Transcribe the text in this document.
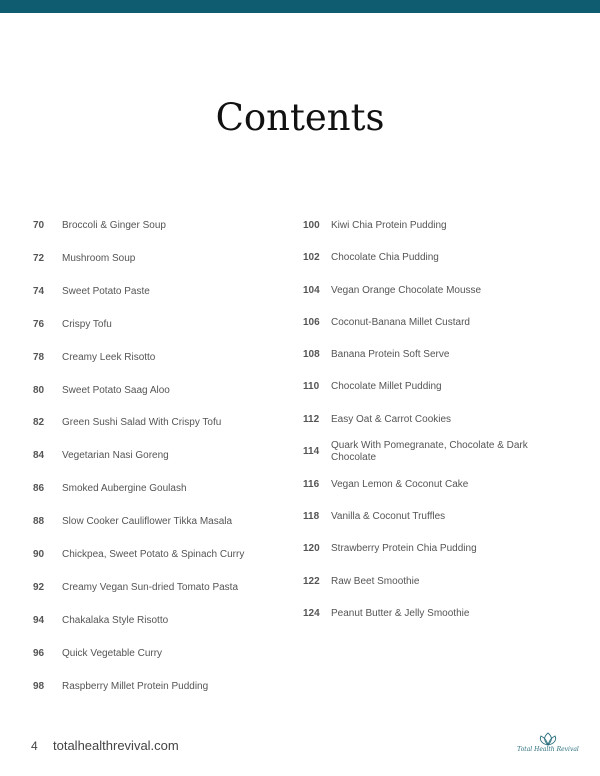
Contents
70 Broccoli & Ginger Soup
72 Mushroom Soup
74 Sweet Potato Paste
76 Crispy Tofu
78 Creamy Leek Risotto
80 Sweet Potato Saag Aloo
82 Green Sushi Salad With Crispy Tofu
84 Vegetarian Nasi Goreng
86 Smoked Aubergine Goulash
88 Slow Cooker Cauliflower Tikka Masala
90 Chickpea, Sweet Potato & Spinach Curry
92 Creamy Vegan Sun-dried Tomato Pasta
94 Chakalaka Style Risotto
96 Quick Vegetable Curry
98 Raspberry Millet Protein Pudding
100 Kiwi Chia Protein Pudding
102 Chocolate Chia Pudding
104 Vegan Orange Chocolate Mousse
106 Coconut-Banana Millet Custard
108 Banana Protein Soft Serve
110 Chocolate Millet Pudding
112 Easy Oat & Carrot Cookies
114
Quark With Pomegranate, Chocolate & Dark Chocolate
116 Vegan Lemon & Coconut Cake
118 Vanilla & Coconut Truffles
120 Strawberry Protein Chia Pudding
122 Raw Beet Smoothie
124 Peanut Butter & Jelly Smoothie
4 totalhealthrevival.com	Total Health Revival
